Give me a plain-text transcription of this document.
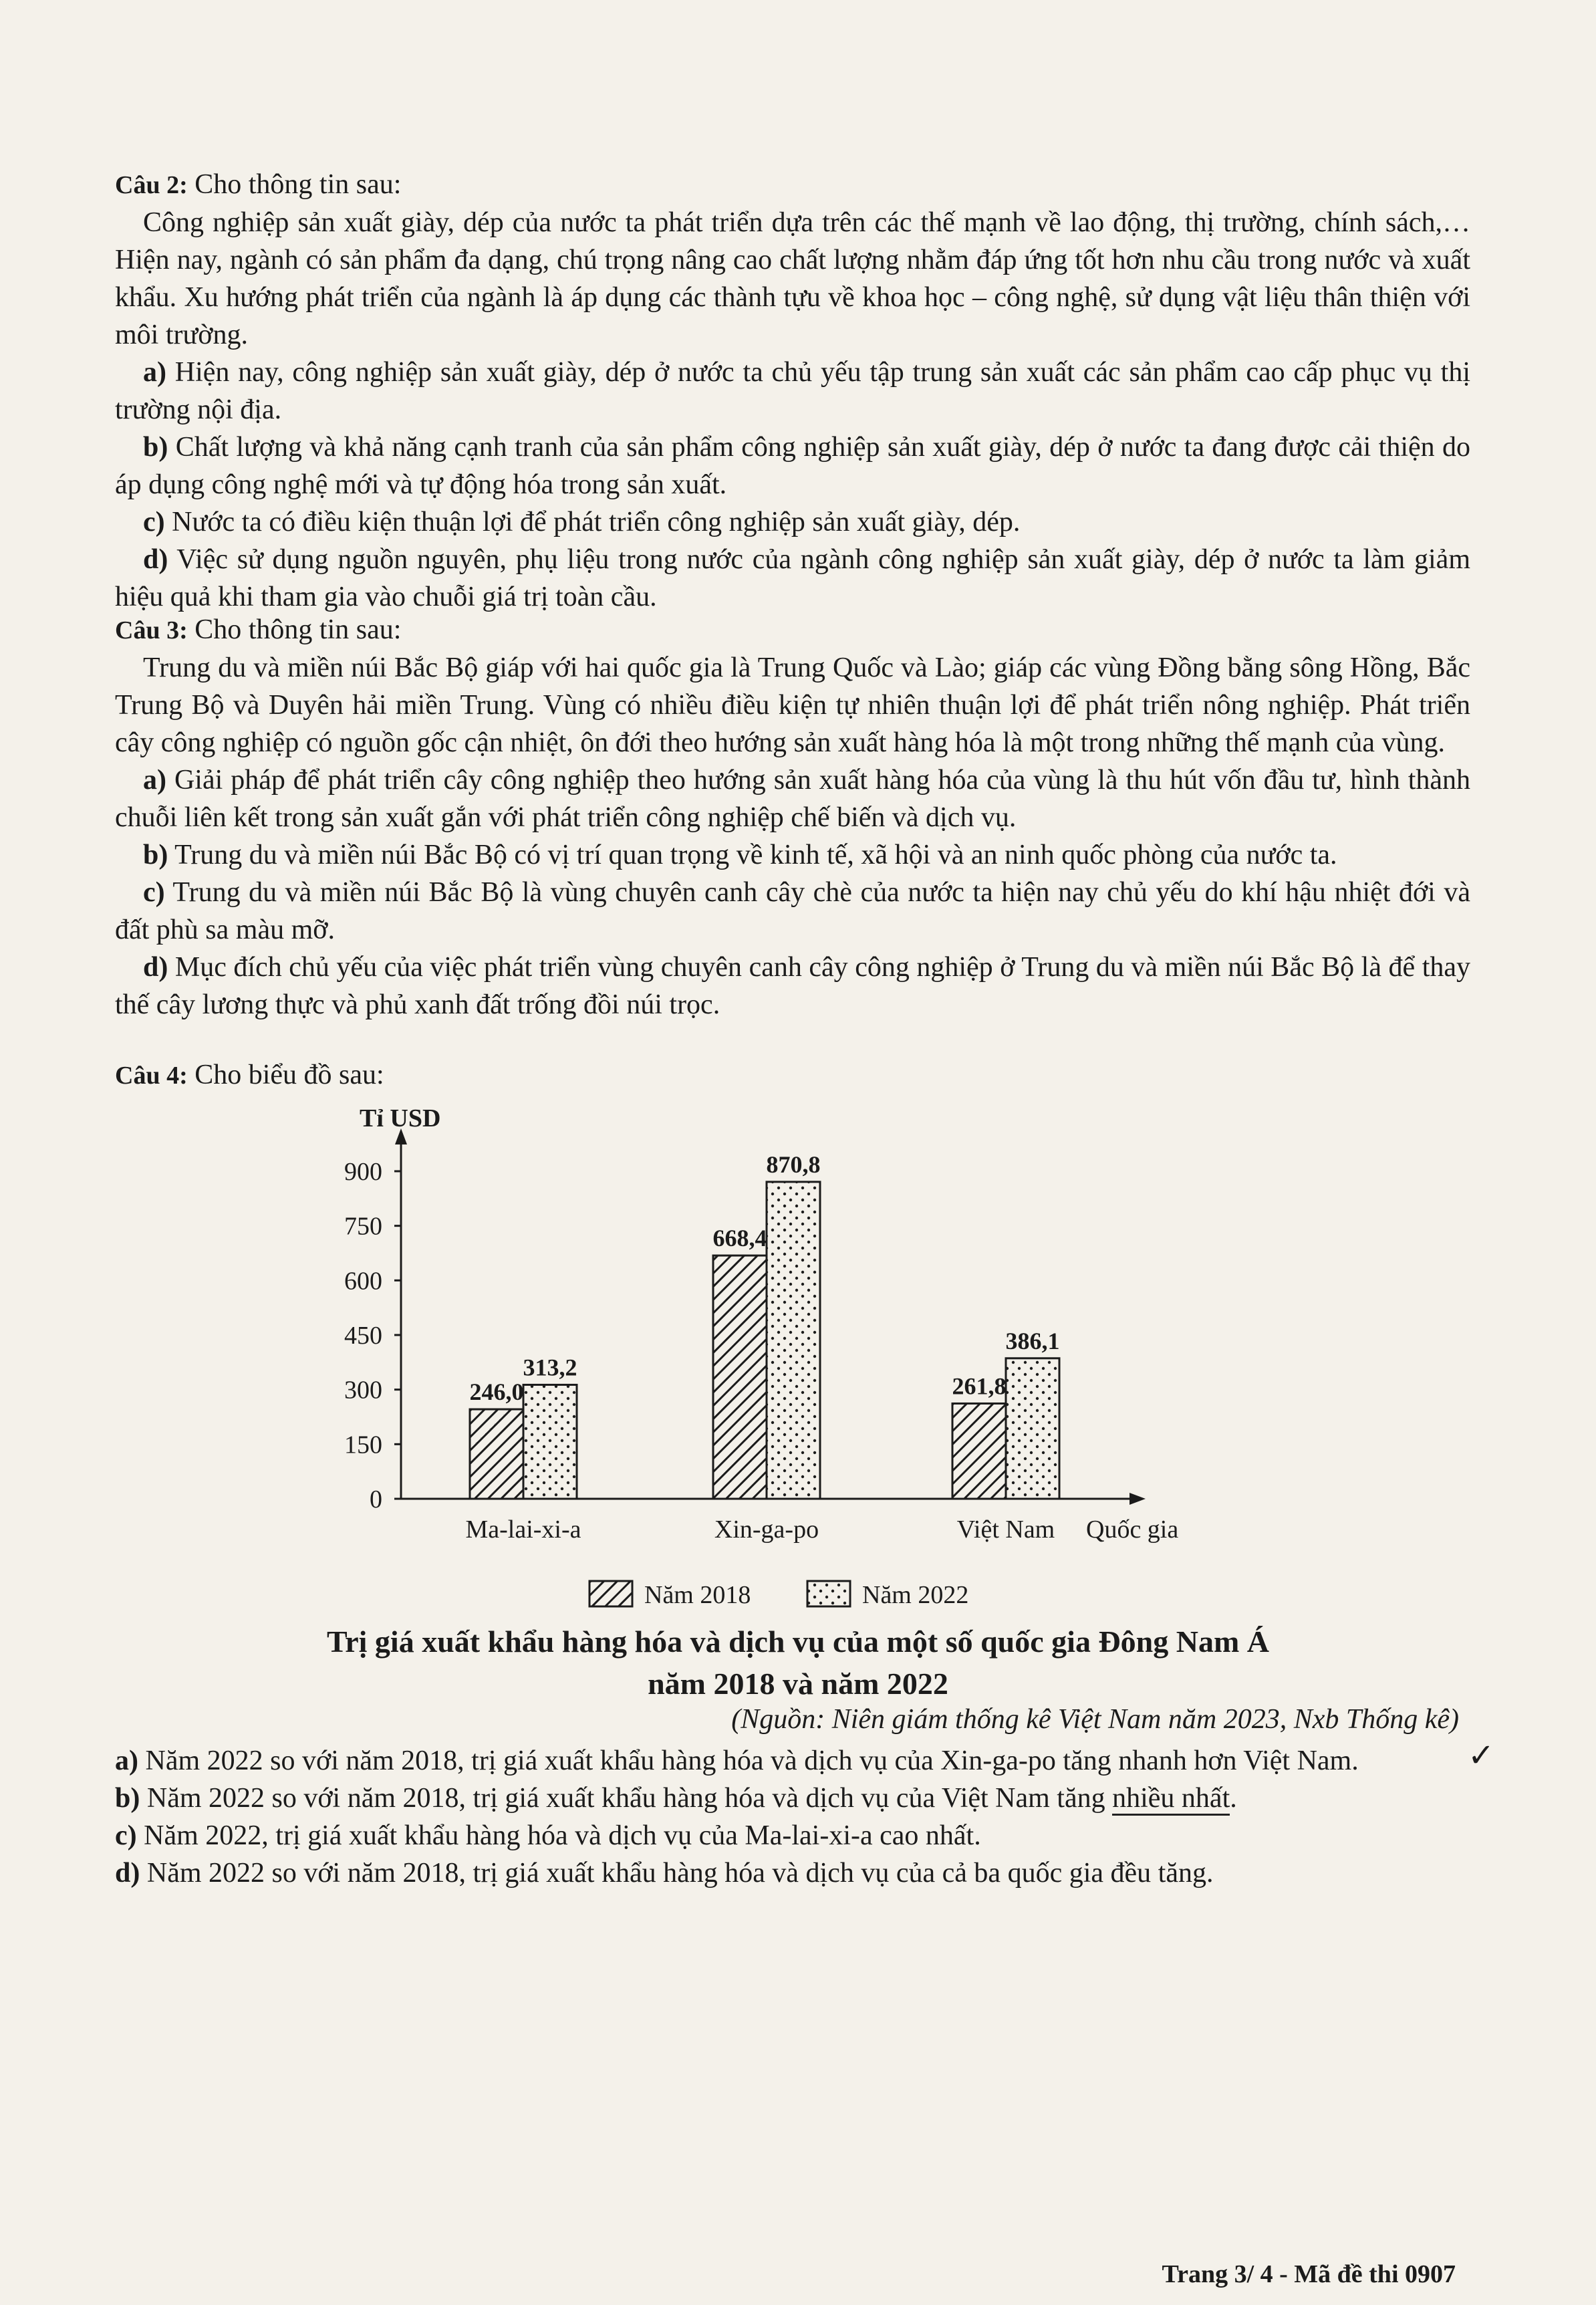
Câu 2: Cho thông tin sau:
Công nghiệp sản xuất giày, dép của nước ta phát triển dựa trên các thế mạnh về lao động, thị trường, chính sách,… Hiện nay, ngành có sản phẩm đa dạng, chú trọng nâng cao chất lượng nhằm đáp ứng tốt hơn nhu cầu trong nước và xuất khẩu. Xu hướng phát triển của ngành là áp dụng các thành tựu về khoa học – công nghệ, sử dụng vật liệu thân thiện với môi trường.
a) Hiện nay, công nghiệp sản xuất giày, dép ở nước ta chủ yếu tập trung sản xuất các sản phẩm cao cấp phục vụ thị trường nội địa.
b) Chất lượng và khả năng cạnh tranh của sản phẩm công nghiệp sản xuất giày, dép ở nước ta đang được cải thiện do áp dụng công nghệ mới và tự động hóa trong sản xuất.
c) Nước ta có điều kiện thuận lợi để phát triển công nghiệp sản xuất giày, dép.
d) Việc sử dụng nguồn nguyên, phụ liệu trong nước của ngành công nghiệp sản xuất giày, dép ở nước ta làm giảm hiệu quả khi tham gia vào chuỗi giá trị toàn cầu.
Câu 3: Cho thông tin sau:
Trung du và miền núi Bắc Bộ giáp với hai quốc gia là Trung Quốc và Lào; giáp các vùng Đồng bằng sông Hồng, Bắc Trung Bộ và Duyên hải miền Trung. Vùng có nhiều điều kiện tự nhiên thuận lợi để phát triển nông nghiệp. Phát triển cây công nghiệp có nguồn gốc cận nhiệt, ôn đới theo hướng sản xuất hàng hóa là một trong những thế mạnh của vùng.
a) Giải pháp để phát triển cây công nghiệp theo hướng sản xuất hàng hóa của vùng là thu hút vốn đầu tư, hình thành chuỗi liên kết trong sản xuất gắn với phát triển công nghiệp chế biến và dịch vụ.
b) Trung du và miền núi Bắc Bộ có vị trí quan trọng về kinh tế, xã hội và an ninh quốc phòng của nước ta.
c) Trung du và miền núi Bắc Bộ là vùng chuyên canh cây chè của nước ta hiện nay chủ yếu do khí hậu nhiệt đới và đất phù sa màu mỡ.
d) Mục đích chủ yếu của việc phát triển vùng chuyên canh cây công nghiệp ở Trung du và miền núi Bắc Bộ là để thay thế cây lương thực và phủ xanh đất trống đồi núi trọc.
Câu 4: Cho biểu đồ sau:
Tỉ USD
Quốc gia
0
150
300
450
600
750
900
246,0
313,2
Ma-lai-xi-a
668,4
870,8
Xin-ga-po
261,8
386,1
Việt Nam
Năm 2018	Năm 2022
Trị giá xuất khẩu hàng hóa và dịch vụ của một số quốc gia Đông Nam Á
năm 2018 và năm 2022
(Nguồn: Niên giám thống kê Việt Nam năm 2023, Nxb Thống kê)
a) Năm 2022 so với năm 2018, trị giá xuất khẩu hàng hóa và dịch vụ của Xin-ga-po tăng nhanh hơn Việt Nam.
b) Năm 2022 so với năm 2018, trị giá xuất khẩu hàng hóa và dịch vụ của Việt Nam tăng nhiều nhất.
c) Năm 2022, trị giá xuất khẩu hàng hóa và dịch vụ của Ma-lai-xi-a cao nhất.
d) Năm 2022 so với năm 2018, trị giá xuất khẩu hàng hóa và dịch vụ của cả ba quốc gia đều tăng.
✓
Trang 3/ 4 - Mã đề thi 0907
